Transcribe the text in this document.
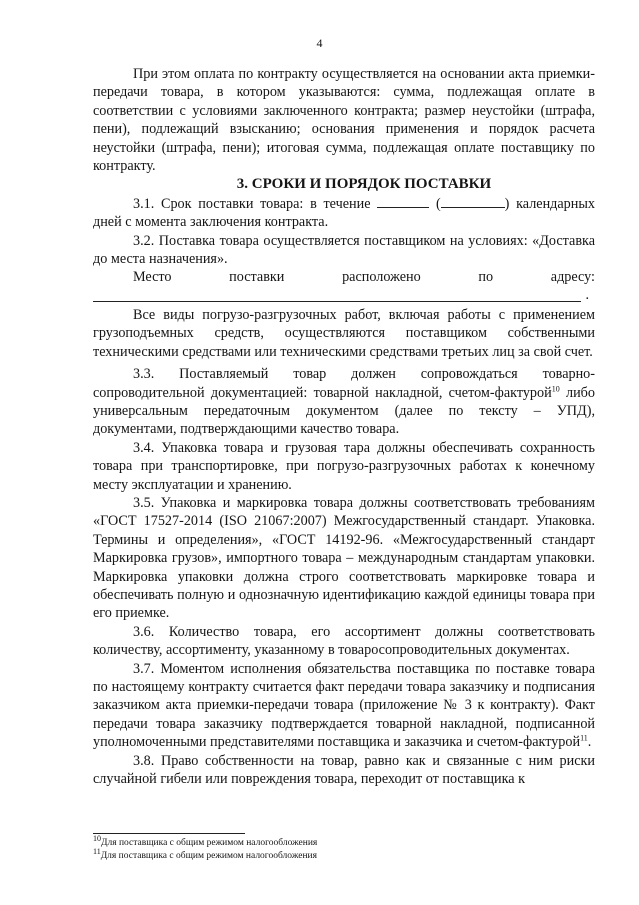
4

При этом оплата по контракту осуществляется на основании акта приемки-передачи товара, в котором указываются: сумма, подлежащая оплате в соответствии с условиями заключенного контракта; размер неустойки (штрафа, пени), подлежащий взысканию; основания применения и порядок расчета неустойки (штрафа, пени); итоговая сумма, подлежащая оплате поставщику по контракту.

3. СРОКИ И ПОРЯДОК ПОСТАВКИ

3.1. Срок поставки товара: в течение	(	) календарных дней с момента заключения контракта.

3.2. Поставка товара осуществляется поставщиком на условиях: «Доставка до места назначения».

Место поставки расположено по адресу:

.

Все виды погрузо-разгрузочных работ, включая работы с применением грузоподъемных средств, осуществляются поставщиком собственными техническими средствами или техническими средствами третьих лиц за свой счет.

3.3. Поставляемый товар должен сопровождаться товарно-сопроводительной документацией: товарной накладной, счетом-фактурой$^{10}$ либо универсальным передаточным документом (далее по тексту – УПД), документами, подтверждающими качество товара.

3.4. Упаковка товара и грузовая тара должны обеспечивать сохранность товара при транспортировке, при погрузо-разгрузочных работах к конечному месту эксплуатации и хранению.

3.5. Упаковка и маркировка товара должны соответствовать требованиям «ГОСТ 17527-2014 (ISO 21067:2007) Межгосударственный стандарт. Упаковка. Термины и определения», «ГОСТ 14192-96. «Межгосударственный стандарт Маркировка грузов», импортного товара – международным стандартам упаковки. Маркировка упаковки должна строго соответствовать маркировке товара и обеспечивать полную и однозначную идентификацию каждой единицы товара при его приемке.

3.6. Количество товара, его ассортимент должны соответствовать количеству, ассортименту, указанному в товаросопроводительных документах.

3.7. Моментом исполнения обязательства поставщика по поставке товара по настоящему контракту считается факт передачи товара заказчику и подписания заказчиком акта приемки-передачи товара (приложение № 3 к контракту). Факт передачи товара заказчику подтверждается товарной накладной, подписанной уполномоченными представителями поставщика и заказчика и счетом-фактурой$^{11}$.

3.8. Право собственности на товар, равно как и связанные с ним риски случайной гибели или повреждения товара, переходит от поставщика к

$^{10}$Для поставщика с общим режимом налогообложения
$^{11}$Для поставщика с общим режимом налогообложения
